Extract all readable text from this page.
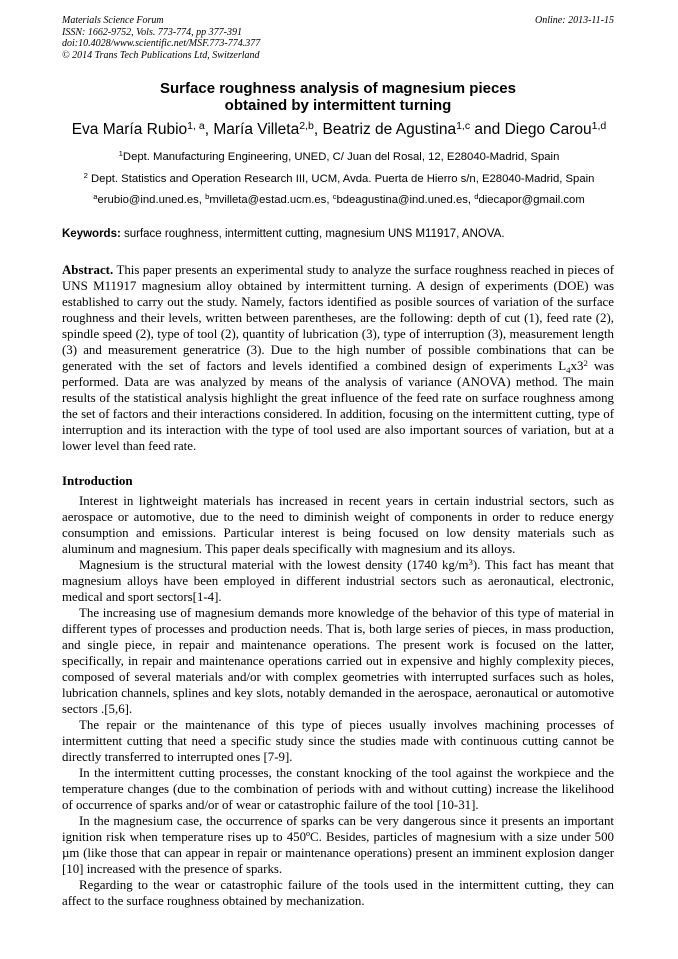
Materials Science Forum
ISSN: 1662-9752, Vols. 773-774, pp 377-391
doi:10.4028/www.scientific.net/MSF.773-774.377
© 2014 Trans Tech Publications Ltd, Switzerland
Online: 2013-11-15
Surface roughness analysis of magnesium pieces
obtained by intermittent turning
Eva María Rubio$^{1, a}$, María Villeta$^{2,b}$, Beatriz de Agustina$^{1,c}$ and Diego Carou$^{1,d}$
$^1$Dept. Manufacturing Engineering, UNED, C/ Juan del Rosal, 12, E28040-Madrid, Spain
$^2$ Dept. Statistics and Operation Research III, UCM, Avda. Puerta de Hierro s/n, E28040-Madrid, Spain
$^a$erubio@ind.uned.es, $^b$mvilleta@estad.ucm.es, $^c$bdeagustina@ind.uned.es, $^d$diecapor@gmail.com
Keywords: surface roughness, intermittent cutting, magnesium UNS M11917, ANOVA.

Abstract. This paper presents an experimental study to analyze the surface roughness reached in pieces of UNS M11917 magnesium alloy obtained by intermittent turning. A design of experiments (DOE) was established to carry out the study. Namely, factors identified as posible sources of variation of the surface roughness and their levels, written between parentheses, are the following: depth of cut (1), feed rate (2), spindle speed (2), type of tool (2), quantity of lubrication (3), type of interruption (3), measurement length (3) and measurement generatrice (3). Due to the high number of possible combinations that can be generated with the set of factors and levels identified a combined design of experiments $L_4x3^2$ was performed. Data are was analyzed by means of the analysis of variance (ANOVA) method. The main results of the statistical analysis highlight the great influence of the feed rate on surface roughness among the set of factors and their interactions considered. In addition, focusing on the intermittent cutting, type of interruption and its interaction with the type of tool used are also important sources of variation, but at a lower level than feed rate.

Introduction

Interest in lightweight materials has increased in recent years in certain industrial sectors, such as aerospace or automotive, due to the need to diminish weight of components in order to reduce energy consumption and emissions. Particular interest is being focused on low density materials such as aluminum and magnesium. This paper deals specifically with magnesium and its alloys.

Magnesium is the structural material with the lowest density (1740 $kg/m^3$). This fact has meant that magnesium alloys have been employed in different industrial sectors such as aeronautical, electronic, medical and sport sectors[1-4].

The increasing use of magnesium demands more knowledge of the behavior of this type of material in different types of processes and production needs. That is, both large series of pieces, in mass production, and single piece, in repair and maintenance operations. The present work is focused on the latter, specifically, in repair and maintenance operations carried out in expensive and highly complexity pieces, composed of several materials and/or with complex geometries with interrupted surfaces such as holes, lubrication channels, splines and key slots, notably demanded in the aerospace, aeronautical or automotive sectors .[5,6].

The repair or the maintenance of this type of pieces usually involves machining processes of intermittent cutting that need a specific study since the studies made with continuous cutting cannot be directly transferred to interrupted ones [7-9].

In the intermittent cutting processes, the constant knocking of the tool against the workpiece and the temperature changes (due to the combination of periods with and without cutting) increase the likelihood of occurrence of sparks and/or of wear or catastrophic failure of the tool [10-31].

In the magnesium case, the occurrence of sparks can be very dangerous since it presents an important ignition risk when temperature rises up to 450ºC. Besides, particles of magnesium with a size under 500 µm (like those that can appear in repair or maintenance operations) present an imminent explosion danger [10] increased with the presence of sparks.

Regarding to the wear or catastrophic failure of the tools used in the intermittent cutting, they can affect to the surface roughness obtained by mechanization.
